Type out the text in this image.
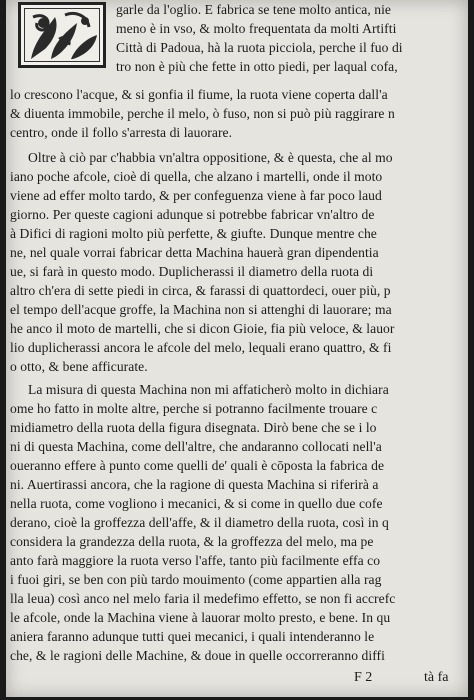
garle da l'oglio. E fabrica se tene molto antica, nie
meno è in vso, & molto frequentata da molti Artifti
Città di Padoua, hà la ruota picciola, perche il fuo di
tro non è più che fette in otto piedi, per laqual cofa,
lo crescono l'acque, & si gonfia il fiume, la ruota viene coperta dall'a
& diuenta immobile, perche il melo, ò fuso, non si può più raggirare n
centro, onde il follo s'arresta di lauorare.
Oltre à ciò par c'habbia vn'altra oppositione, & è questa, che al mo
iano poche afcole, cioè di quella, che alzano i martelli, onde il moto
viene ad effer molto tardo, & per confeguenza viene à far poco laud
giorno. Per queste cagioni adunque si potrebbe fabricar vn'altro de
à Difici di ragioni molto più perfette, & giufte. Dunque mentre che
ne, nel quale vorrai fabricar detta Machina hauerà gran dipendentia
ue, si farà in questo modo. Duplicherassi il diametro della ruota di
altro ch'era di sette piedi in circa, & farassi di quattordeci, ouer più, p
el tempo dell'acque groffe, la Machina non si attenghi di lauorare; ma
he anco il moto de martelli, che si dicon Gioie, fia più veloce, & lauor
lio duplicherassi ancora le afcole del melo, lequali erano quattro, & fi
o otto, & bene afficurate.
La misura di questa Machina non mi affaticherò molto in dichiara
ome ho fatto in molte altre, perche si potranno facilmente trouare c
midiametro della ruota della figura disegnata. Dirò bene che se i lo
ni di questa Machina, come dell'altre, che andaranno collocati nell'a
oueranno effere à punto come quelli de' quali è cōposta la fabrica de
ni. Auertirassi ancora, che la ragione di questa Machina si riferirà a
nella ruota, come vogliono i mecanici, & si come in quello due cofe
derano, cioè la groffezza dell'affe, & il diametro della ruota, così in q
considera la grandezza della ruota, & la groffezza del melo, ma pe
anto farà maggiore la ruota verso l'affe, tanto più facilmente effa co
i fuoi giri, se ben con più tardo mouimento (come appartien alla rag
lla leua) così anco nel melo faria il medefimo effetto, se non fi accrefc
le afcole, onde la Machina viene à lauorar molto presto, e bene. In qu
aniera faranno adunque tutti quei mecanici, i quali intenderanno le
che, & le ragioni delle Machine, & doue in quelle occorreranno diffi
F 2	tà fa
